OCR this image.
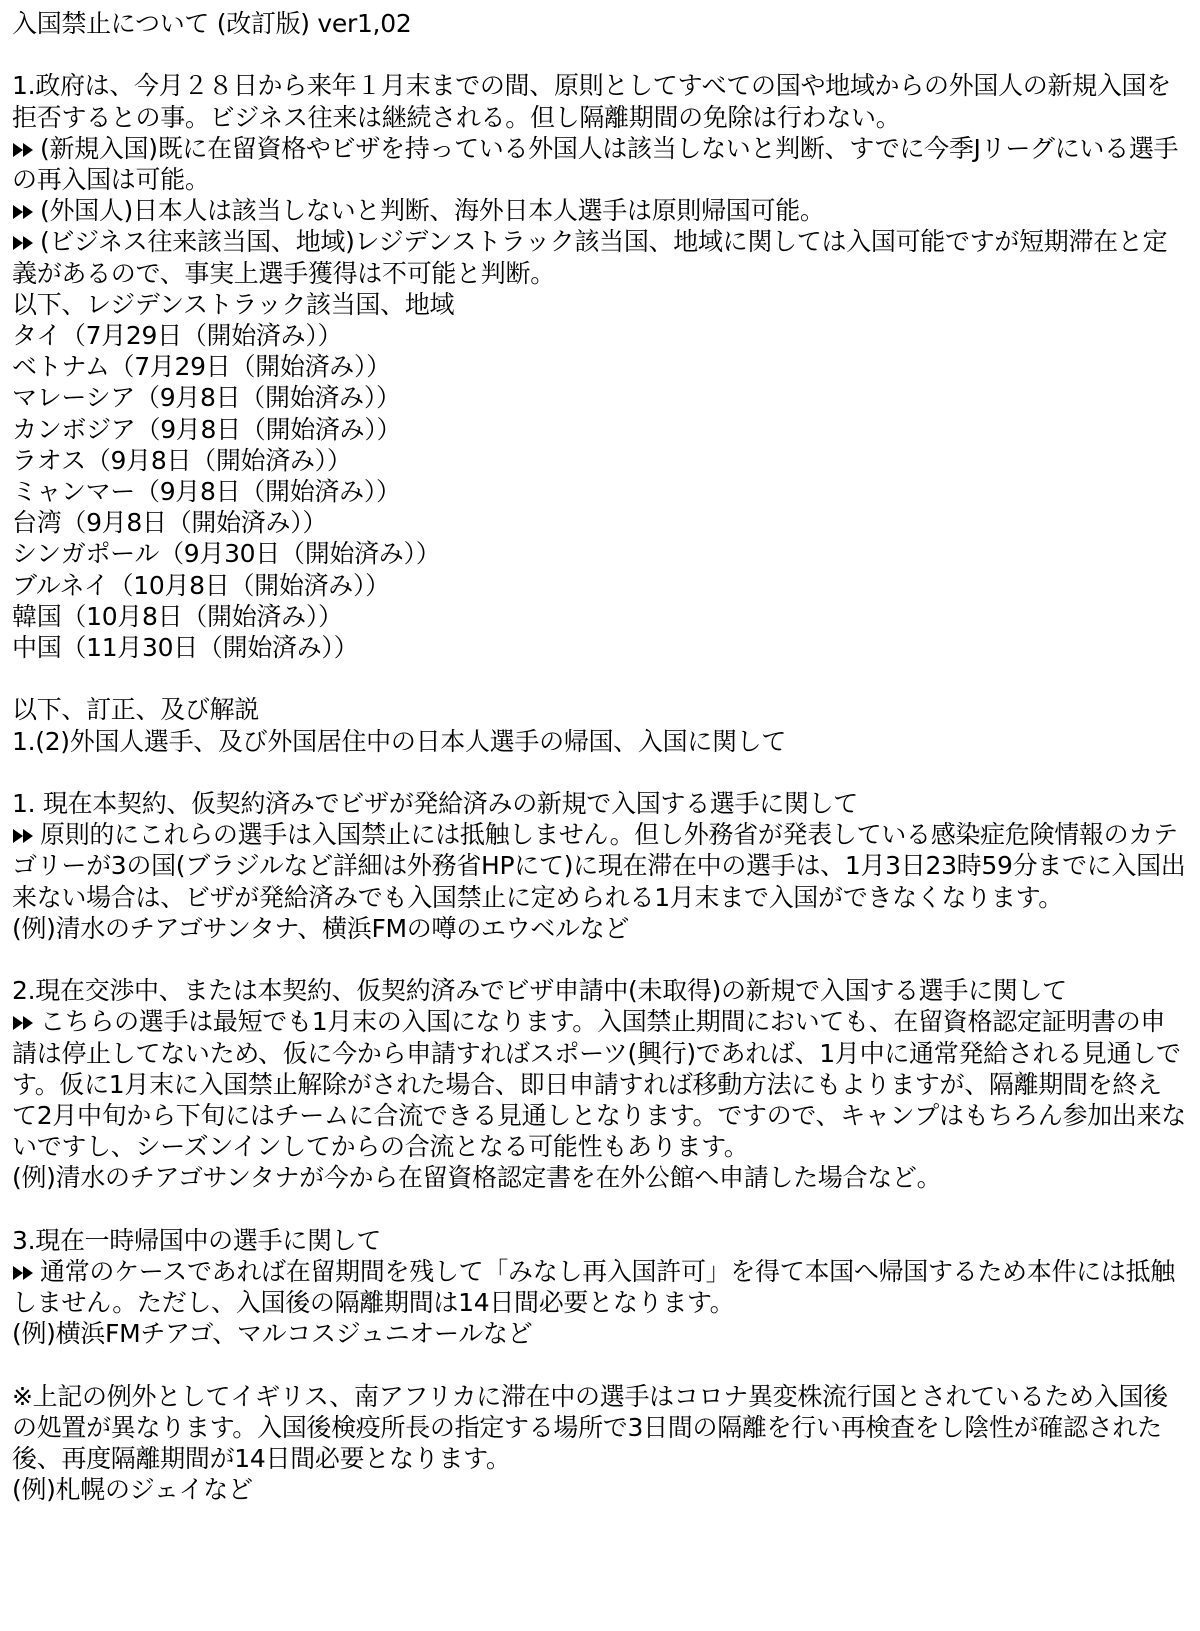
入国禁止について (改訂版) ver1,02
1.政府は、今月２８日から来年１月末までの間、原則としてすべての国や地域からの外国人の新規入国を拒否するとの事。ビジネス往来は継続される。但し隔離期間の免除は行わない。
(新規入国)既に在留資格やビザを持っている外国人は該当しないと判断、すでに今季Jリーグにいる選手の再入国は可能。
(外国人)日本人は該当しないと判断、海外日本人選手は原則帰国可能。
(ビジネス往来該当国、地域)レジデンストラック該当国、地域に関しては入国可能ですが短期滞在と定義があるので、事実上選手獲得は不可能と判断。
以下、レジデンストラック該当国、地域
タイ（7月29日（開始済み））
ベトナム（7月29日（開始済み））
マレーシア（9月8日（開始済み））
カンボジア（9月8日（開始済み））
ラオス（9月8日（開始済み））
ミャンマー（9月8日（開始済み））
台湾（9月8日（開始済み））
シンガポール（9月30日（開始済み））
ブルネイ（10月8日（開始済み））
韓国（10月8日（開始済み））
中国（11月30日（開始済み））
以下、訂正、及び解説
1.(2)外国人選手、及び外国居住中の日本人選手の帰国、入国に関して
1. 現在本契約、仮契約済みでビザが発給済みの新規で入国する選手に関して
原則的にこれらの選手は入国禁止には抵触しません。但し外務省が発表している感染症危険情報のカテゴリーが3の国(ブラジルなど詳細は外務省HPにて)に現在滞在中の選手は、1月3日23時59分までに入国出来ない場合は、ビザが発給済みでも入国禁止に定められる1月末まで入国ができなくなります。
(例)清水のチアゴサンタナ、横浜FMの噂のエウベルなど
2.現在交渉中、または本契約、仮契約済みでビザ申請中(未取得)の新規で入国する選手に関して
こちらの選手は最短でも1月末の入国になります。入国禁止期間においても、在留資格認定証明書の申請は停止してないため、仮に今から申請すればスポーツ(興行)であれば、1月中に通常発給される見通しです。仮に1月末に入国禁止解除がされた場合、即日申請すれば移動方法にもよりますが、隔離期間を終えて2月中旬から下旬にはチームに合流できる見通しとなります。ですので、キャンプはもちろん参加出来ないですし、シーズンインしてからの合流となる可能性もあります。
(例)清水のチアゴサンタナが今から在留資格認定書を在外公館へ申請した場合など。
3.現在一時帰国中の選手に関して
通常のケースであれば在留期間を残して「みなし再入国許可」を得て本国へ帰国するため本件には抵触しません。ただし、入国後の隔離期間は14日間必要となります。
(例)横浜FMチアゴ、マルコスジュニオールなど
※上記の例外としてイギリス、南アフリカに滞在中の選手はコロナ異変株流行国とされているため入国後の処置が異なります。入国後検疫所長の指定する場所で3日間の隔離を行い再検査をし陰性が確認された後、再度隔離期間が14日間必要となります。
(例)札幌のジェイなど
